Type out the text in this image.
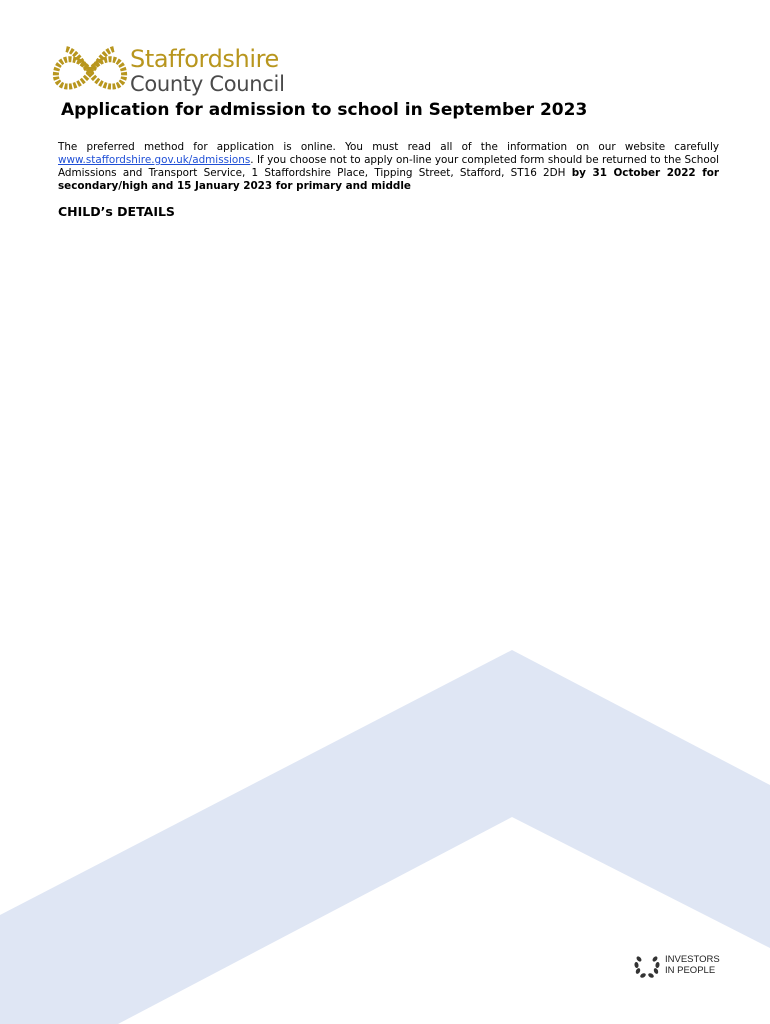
Staffordshire
County Council
Application for admission to school in September 2023

The preferred method for application is online. You must read all of the information on our website carefully www.staffordshire.gov.uk/admissions. If you choose not to apply on-line your completed form should be returned to the School Admissions and Transport Service, 1 Staffordshire Place, Tipping Street, Stafford, ST16 2DH by 31 October 2022 for secondary/high and 15 January 2023 for primary and middle

CHILD’s DETAILS
INVESTORS
IN PEOPLE
